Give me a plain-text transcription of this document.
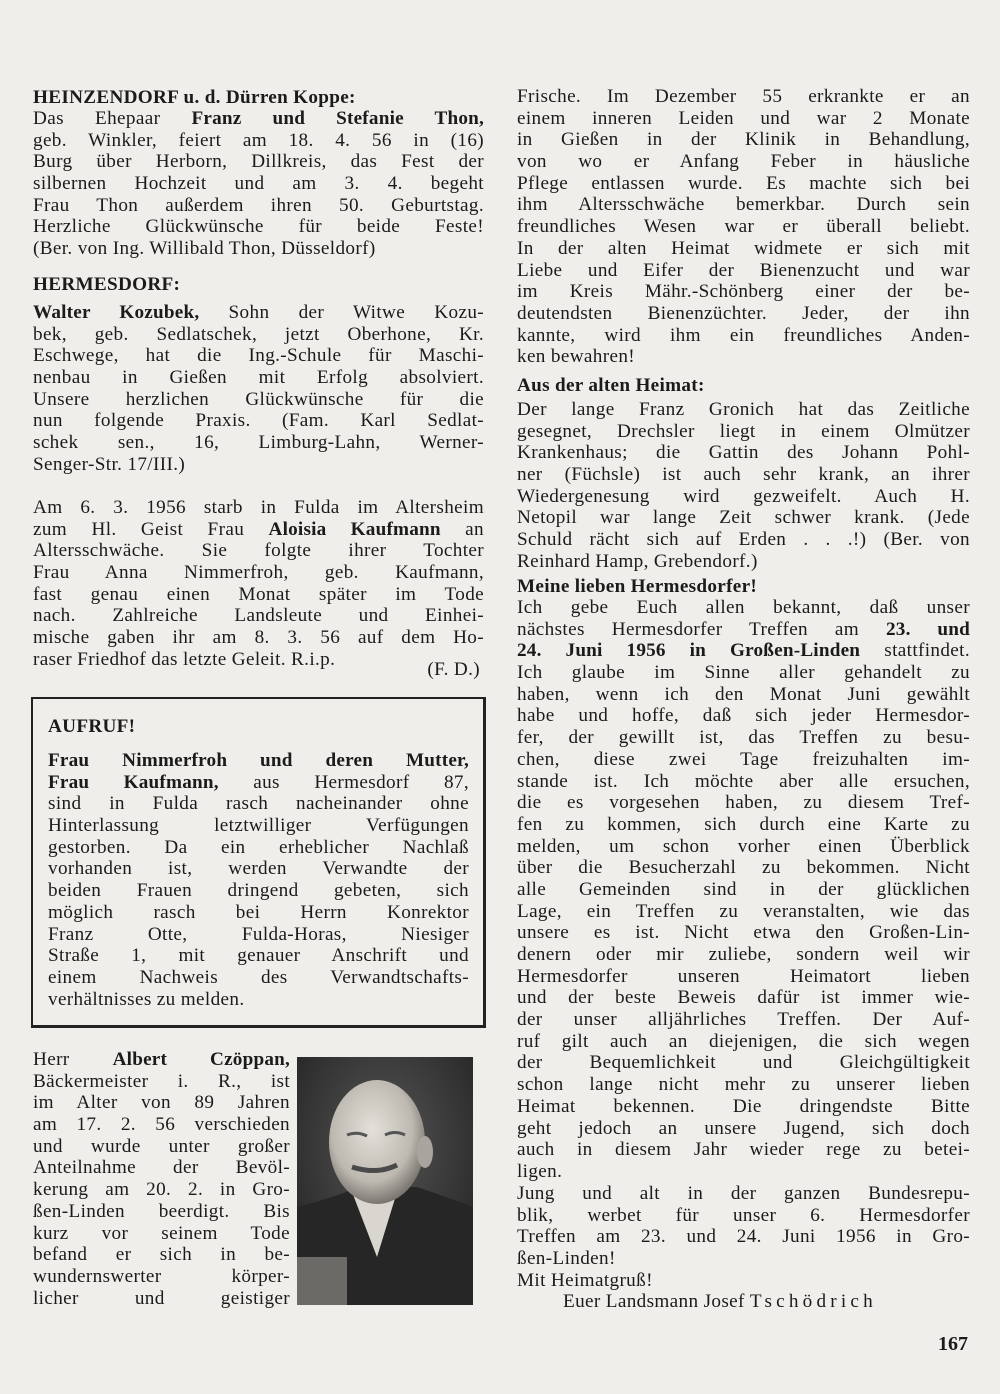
HEINZENDORF u. d. Dürren Koppe:
Das Ehepaar Franz und Stefanie Thon,
geb. Winkler, feiert am 18. 4. 56 in (16)
Burg über Herborn, Dillkreis, das Fest der
silbernen Hochzeit und am 3. 4. begeht
Frau Thon außerdem ihren 50. Geburtstag.
Herzliche Glückwünsche für beide Feste!
(Ber. von Ing. Willibald Thon, Düsseldorf)
HERMESDORF:
Walter Kozubek, Sohn der Witwe Kozu-
bek, geb. Sedlatschek, jetzt Oberhone, Kr.
Eschwege, hat die Ing.-Schule für Maschi-
nenbau in Gießen mit Erfolg absolviert.
Unsere herzlichen Glückwünsche für die
nun folgende Praxis. (Fam. Karl Sedlat-
schek sen., 16, Limburg-Lahn, Werner-
Senger-Str. 17/III.)
Am 6. 3. 1956 starb in Fulda im Altersheim
zum Hl. Geist Frau Aloisia Kaufmann an
Altersschwäche. Sie folgte ihrer Tochter
Frau Anna Nimmerfroh, geb. Kaufmann,
fast genau einen Monat später im Tode
nach. Zahlreiche Landsleute und Einhei-
mische gaben ihr am 8. 3. 56 auf dem Ho-
raser Friedhof das letzte Geleit. R.i.p.	(F. D.)
AUFRUF!
Frau Nimmerfroh und deren Mutter,
Frau Kaufmann, aus Hermesdorf 87,
sind in Fulda rasch nacheinander ohne
Hinterlassung letztwilliger Verfügungen
gestorben. Da ein erheblicher Nachlaß
vorhanden ist, werden Verwandte der
beiden Frauen dringend gebeten, sich
möglich rasch bei Herrn Konrektor
Franz Otte, Fulda-Horas, Niesiger
Straße 1, mit genauer Anschrift und
einem Nachweis des Verwandtschafts-
verhältnisses zu melden.
Herr Albert Czöppan,
Bäckermeister i. R., ist
im Alter von 89 Jahren
am 17. 2. 56 verschieden
und wurde unter großer
Anteilnahme der Bevöl-
kerung am 20. 2. in Gro-
ßen-Linden beerdigt. Bis
kurz vor seinem Tode
befand er sich in be-
wundernswerter körper-
licher und geistiger
Frische. Im Dezember 55 erkrankte er an
einem inneren Leiden und war 2 Monate
in Gießen in der Klinik in Behandlung,
von wo er Anfang Feber in häusliche
Pflege entlassen wurde. Es machte sich bei
ihm Altersschwäche bemerkbar. Durch sein
freundliches Wesen war er überall beliebt.
In der alten Heimat widmete er sich mit
Liebe und Eifer der Bienenzucht und war
im Kreis Mähr.-Schönberg einer der be-
deutendsten Bienenzüchter. Jeder, der ihn
kannte, wird ihm ein freundliches Anden-
ken bewahren!
Aus der alten Heimat:
Der lange Franz Gronich hat das Zeitliche
gesegnet, Drechsler liegt in einem Olmützer
Krankenhaus; die Gattin des Johann Pohl-
ner (Füchsle) ist auch sehr krank, an ihrer
Wiedergenesung wird gezweifelt. Auch H.
Netopil war lange Zeit schwer krank. (Jede
Schuld rächt sich auf Erden . . .!) (Ber. von
Reinhard Hamp, Grebendorf.)
Meine lieben Hermesdorfer!
Ich gebe Euch allen bekannt, daß unser
nächstes Hermesdorfer Treffen am 23. und
24. Juni 1956 in Großen-Linden stattfindet.
Ich glaube im Sinne aller gehandelt zu
haben, wenn ich den Monat Juni gewählt
habe und hoffe, daß sich jeder Hermesdor-
fer, der gewillt ist, das Treffen zu besu-
chen, diese zwei Tage freizuhalten im-
stande ist. Ich möchte aber alle ersuchen,
die es vorgesehen haben, zu diesem Tref-
fen zu kommen, sich durch eine Karte zu
melden, um schon vorher einen Überblick
über die Besucherzahl zu bekommen. Nicht
alle Gemeinden sind in der glücklichen
Lage, ein Treffen zu veranstalten, wie das
unsere es ist. Nicht etwa den Großen-Lin-
denern oder mir zuliebe, sondern weil wir
Hermesdorfer unseren Heimatort lieben
und der beste Beweis dafür ist immer wie-
der unser alljährliches Treffen. Der Auf-
ruf gilt auch an diejenigen, die sich wegen
der Bequemlichkeit und Gleichgültigkeit
schon lange nicht mehr zu unserer lieben
Heimat bekennen. Die dringendste Bitte
geht jedoch an unsere Jugend, sich doch
auch in diesem Jahr wieder rege zu betei-
ligen.
Jung und alt in der ganzen Bundesrepu-
blik, werbet für unser 6. Hermesdorfer
Treffen am 23. und 24. Juni 1956 in Gro-
ßen-Linden!
Mit Heimatgruß!
Euer Landsmann Josef Tschödrich
167
